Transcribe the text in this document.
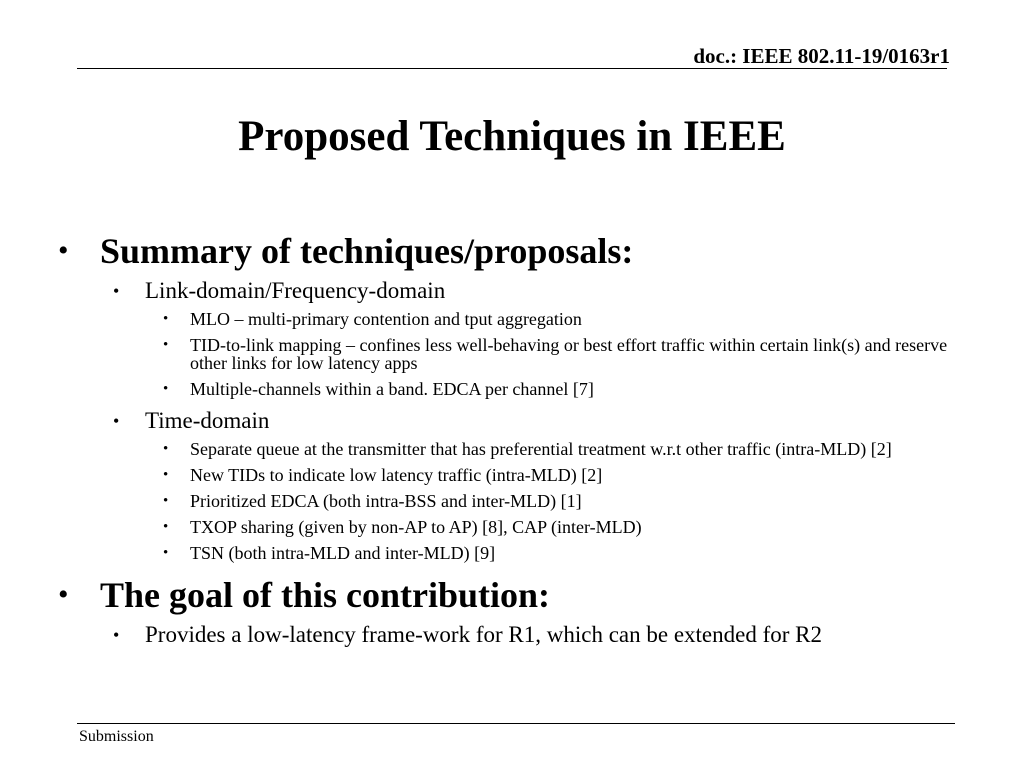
doc.: IEEE 802.11-19/0163r1
Proposed Techniques in IEEE
• Summary of techniques/proposals:
• Link-domain/Frequency-domain
• MLO – multi-primary contention and tput aggregation
• TID-to-link mapping – confines less well-behaving or best effort traffic within certain link(s) and reserve other links for low latency apps
• Multiple-channels within a band. EDCA per channel [7]
• Time-domain
• Separate queue at the transmitter that has preferential treatment w.r.t other traffic (intra-MLD) [2]
• New TIDs to indicate low latency traffic (intra-MLD) [2]
• Prioritized EDCA (both intra-BSS and inter-MLD) [1]
• TXOP sharing (given by non-AP to AP) [8], CAP (inter-MLD)
• TSN (both intra-MLD and inter-MLD) [9]
• The goal of this contribution:
• Provides a low-latency frame-work for R1, which can be extended for R2
Submission
